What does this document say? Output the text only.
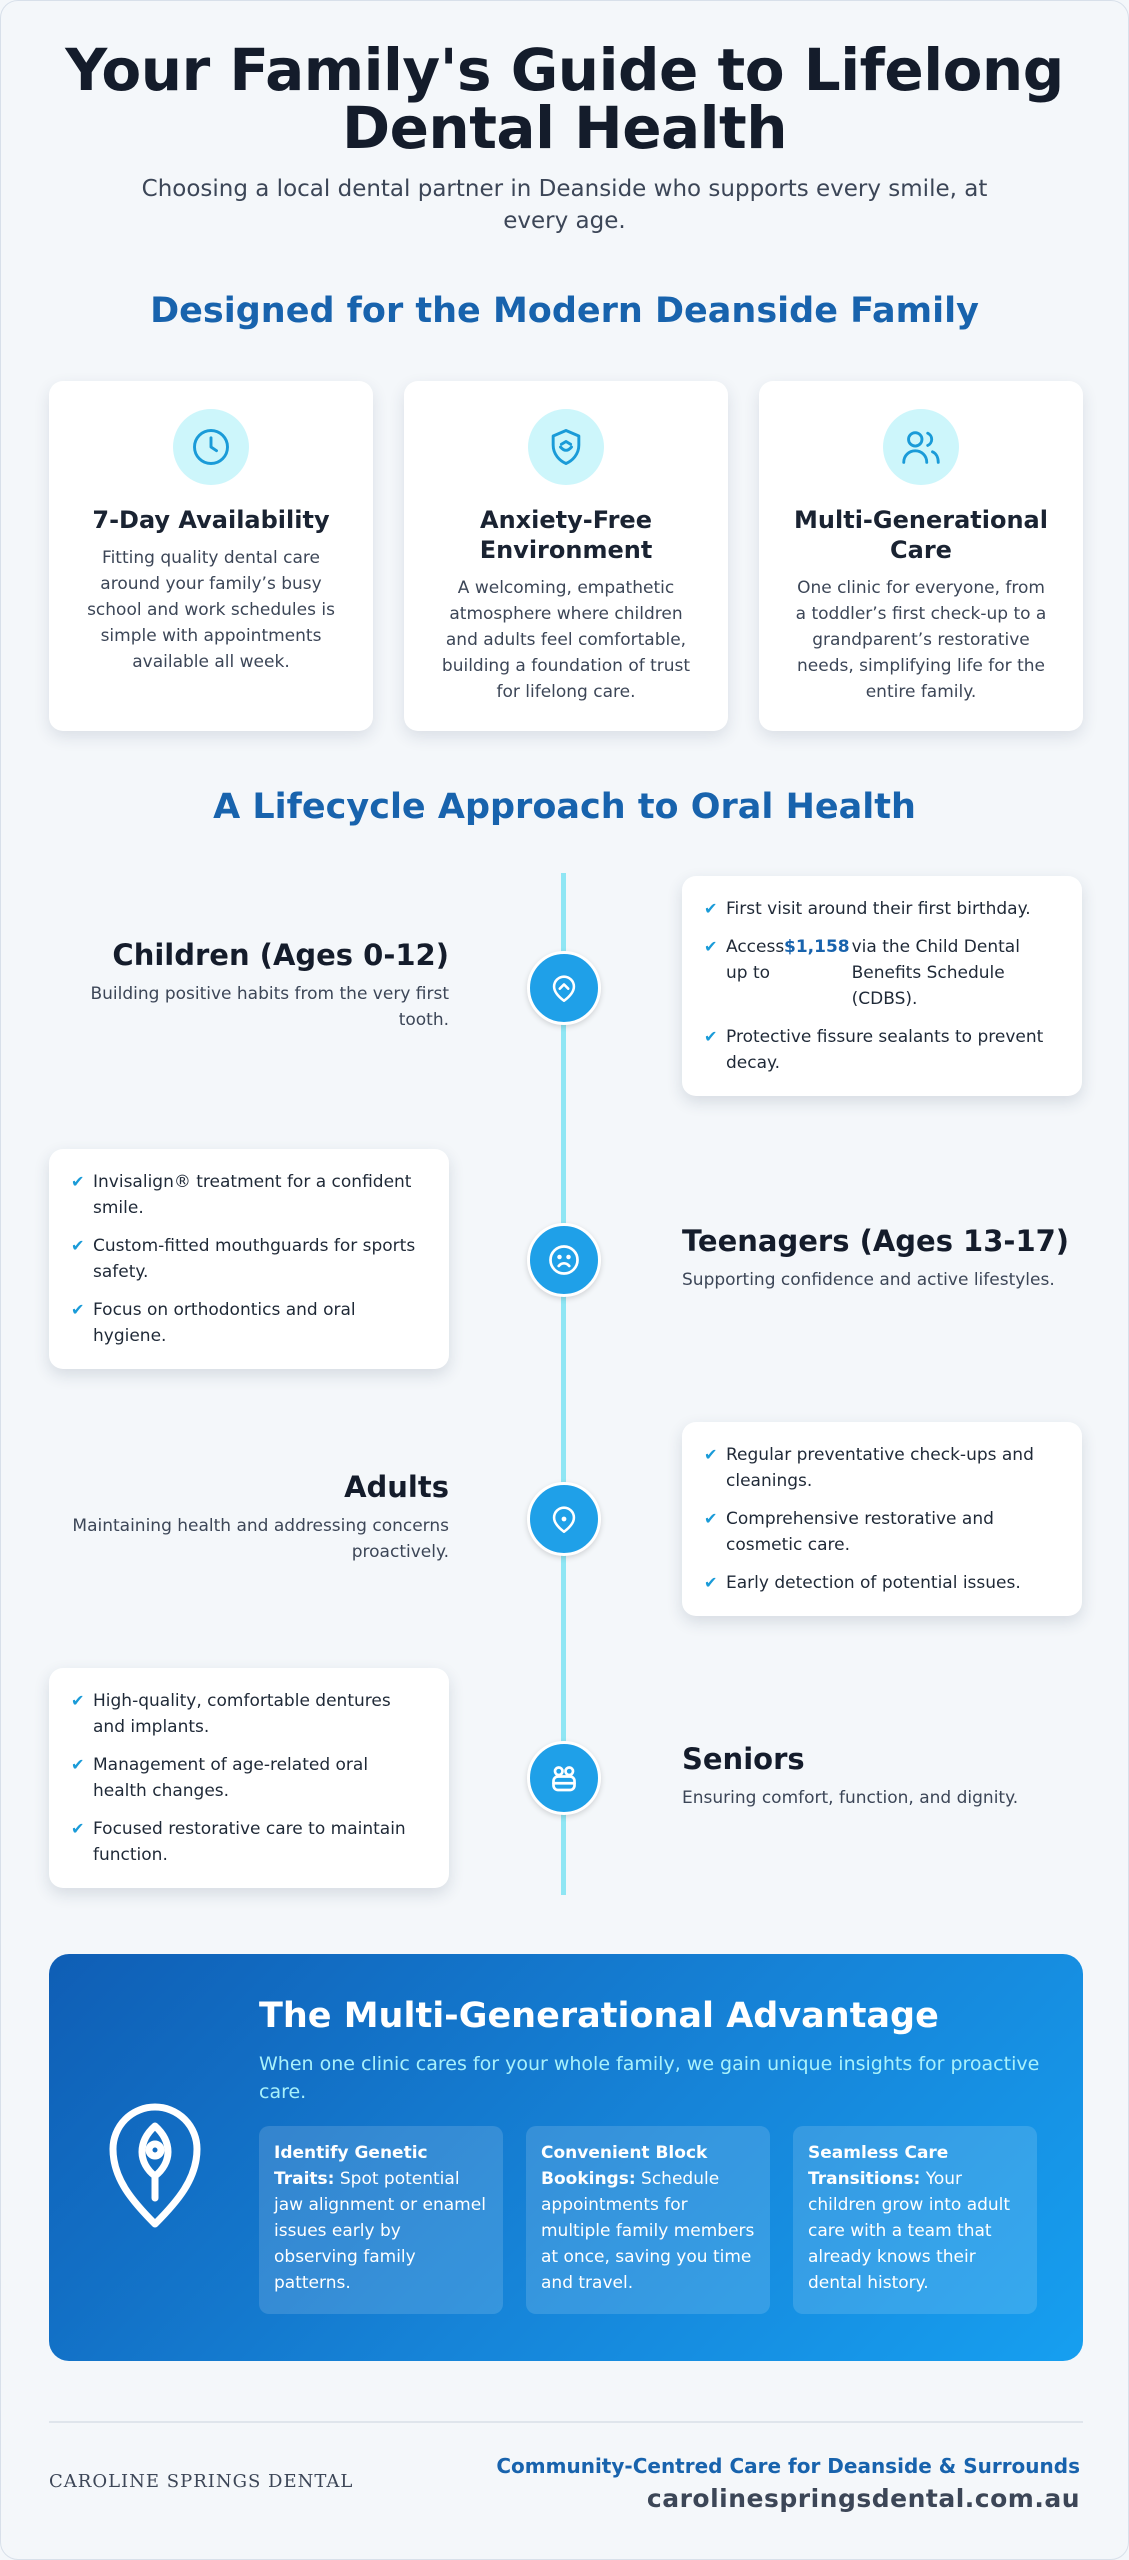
Your Family's Guide to Lifelong Dental Health

Choosing a local dental partner in Deanside who supports every smile, at every age.

Designed for the Modern Deanside Family
7-Day Availability
Fitting quality dental care around your family’s busy school and work schedules is simple with appointments available all week.
Anxiety-Free Environment
A welcoming, empathetic atmosphere where children and adults feel comfortable, building a foundation of trust for lifelong care.
Multi-Generational Care
One clinic for everyone, from a toddler’s first check-up to a grandparent’s restorative needs, simplifying life for the entire family.
A Lifecycle Approach to Oral Health
Children (Ages 0-12)
Building positive habits from the very first tooth.
✔ First visit around their first birthday.
✔ Access up to
$1,158 via the Child Dental Benefits Schedule (CDBS).
✔ Protective fissure sealants to prevent decay.
✔ Invisalign® treatment for a confident smile.
✔ Custom-fitted mouthguards for sports safety.
✔ Focus on orthodontics and oral hygiene.
Teenagers (Ages 13-17)
Supporting confidence and active lifestyles.
Adults
Maintaining health and addressing concerns proactively.
✔ Regular preventative check-ups and cleanings.
✔ Comprehensive restorative and cosmetic care.
✔ Early detection of potential issues.
✔ High-quality, comfortable dentures and implants.
✔ Management of age-related oral health changes.
✔ Focused restorative care to maintain function.
Seniors
Ensuring comfort, function, and dignity.
The Multi-Generational Advantage
When one clinic cares for your whole family, we gain unique insights for proactive care.
Identify Genetic Traits: Spot potential jaw alignment or enamel issues early by observing family patterns.
Convenient Block Bookings: Schedule appointments for multiple family members at once, saving you time and travel.
Seamless Care Transitions: Your children grow into adult care with a team that already knows their dental history.
CAROLINE SPRINGS DENTAL
Community-Centred Care for Deanside & Surrounds
carolinespringsdental.com.au
